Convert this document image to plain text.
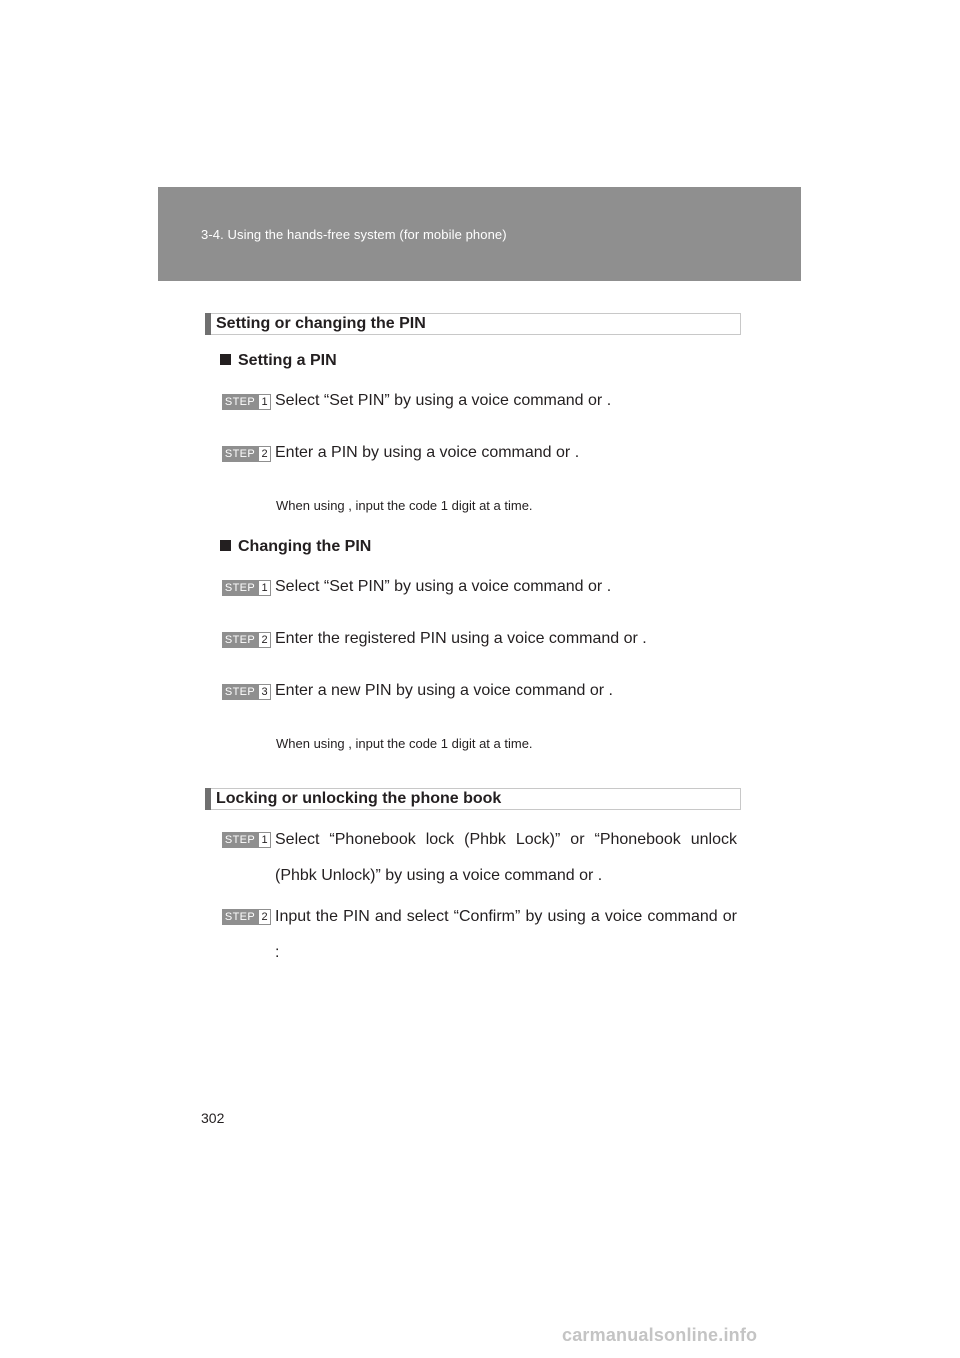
3-4. Using the hands-free system (for mobile phone)
Setting or changing the PIN
Setting a PIN
STEP 1 Select “Set PIN” by using a voice command or .
STEP 2 Enter a PIN by using a voice command or .
When using , input the code 1 digit at a time.
Changing the PIN
STEP 1 Select “Set PIN” by using a voice command or .
STEP 2 Enter the registered PIN using a voice command or .
STEP 3 Enter a new PIN by using a voice command or .
When using , input the code 1 digit at a time.
Locking or unlocking the phone book
STEP 1 Select “Phonebook lock (Phbk Lock)” or “Phonebook unlock (Phbk Unlock)” by using a voice command or .
STEP 2 Input the PIN and select “Confirm” by using a voice command or :
302
carmanualsonline.info
